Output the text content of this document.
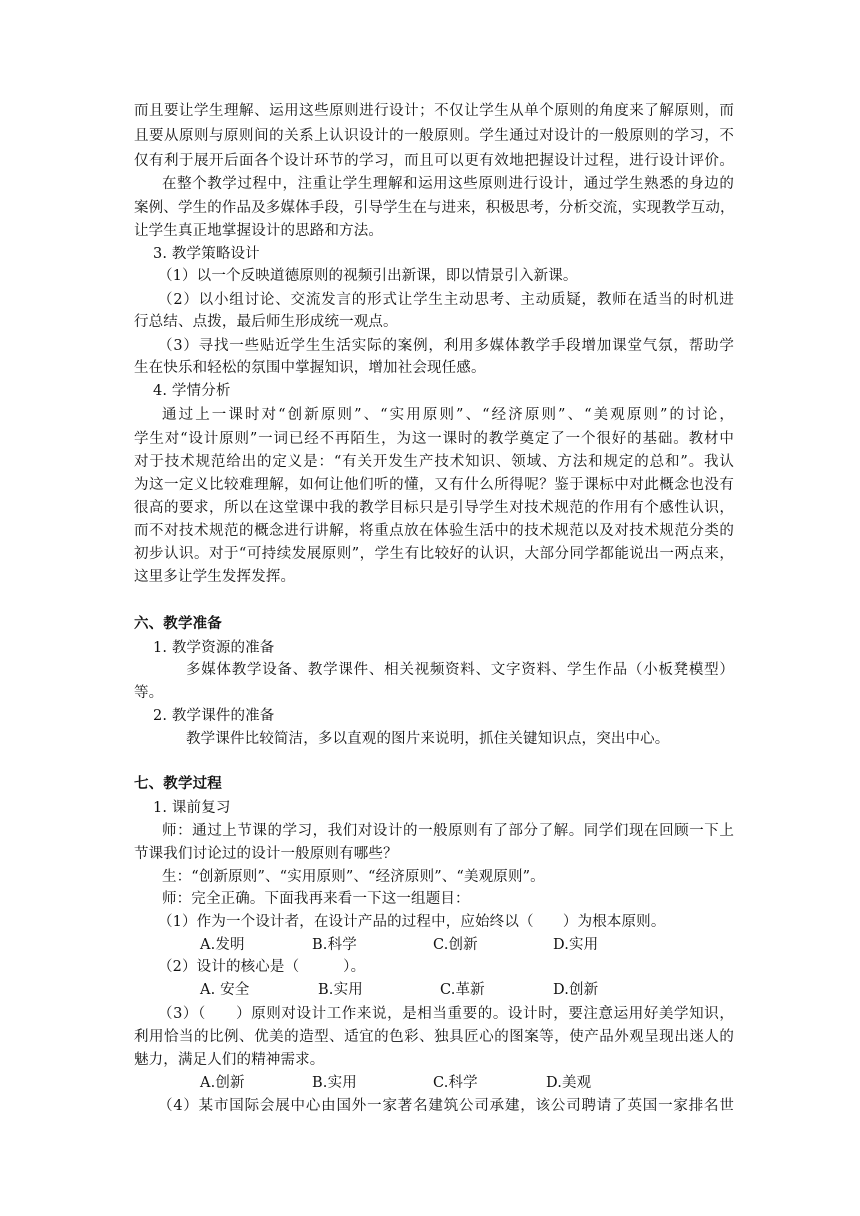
而且要让学生理解、运用这些原则进行设计；不仅让学生从单个原则的角度来了解原则，而
且要从原则与原则间的关系上认识设计的一般原则。学生通过对设计的一般原则的学习，不
仅有利于展开后面各个设计环节的学习，而且可以更有效地把握设计过程，进行设计评价。
在整个教学过程中，注重让学生理解和运用这些原则进行设计，通过学生熟悉的身边的
案例、学生的作品及多媒体手段，引导学生在与进来，积极思考，分析交流，实现教学互动，
让学生真正地掌握设计的思路和方法。
3. 教学策略设计
（1）以一个反映道德原则的视频引出新课，即以情景引入新课。
（2）以小组讨论、交流发言的形式让学生主动思考、主动质疑，教师在适当的时机进
行总结、点拨，最后师生形成统一观点。
（3）寻找一些贴近学生生活实际的案例，利用多媒体教学手段增加课堂气氛，帮助学
生在快乐和轻松的氛围中掌握知识，增加社会现任感。
4. 学情分析
通过上一课时对“创新原则”、“实用原则”、“经济原则”、“美观原则”的讨论，
学生对“设计原则”一词已经不再陌生，为这一课时的教学奠定了一个很好的基础。教材中
对于技术规范给出的定义是：“有关开发生产技术知识、领域、方法和规定的总和”。我认
为这一定义比较难理解，如何让他们听的懂，又有什么所得呢？鉴于课标中对此概念也没有
很高的要求，所以在这堂课中我的教学目标只是引导学生对技术规范的作用有个感性认识，
而不对技术规范的概念进行讲解，将重点放在体验生活中的技术规范以及对技术规范分类的
初步认识。对于“可持续发展原则”，学生有比较好的认识，大部分同学都能说出一两点来，
这里多让学生发挥发挥。
六、教学准备
1. 教学资源的准备
多媒体教学设备、教学课件、相关视频资料、文字资料、学生作品（小板凳模型）
等。
2. 教学课件的准备
教学课件比较简洁，多以直观的图片来说明，抓住关键知识点，突出中心。
七、教学过程
1. 课前复习
师：通过上节课的学习，我们对设计的一般原则有了部分了解。同学们现在回顾一下上
节课我们讨论过的设计一般原则有哪些？
生：“创新原则”、“实用原则”、“经济原则”、“美观原则”。
师：完全正确。下面我再来看一下这一组题目：
（1）作为一个设计者，在设计产品的过程中，应始终以（　　）为根本原则。
A.发明	B.科学	C.创新	D.实用
（2）设计的核心是（　　　）。
A. 安全	B.实用	C.革新	D.创新
（3）（　　）原则对设计工作来说，是相当重要的。设计时，要注意运用好美学知识，
利用恰当的比例、优美的造型、适宜的色彩、独具匠心的图案等，使产品外观呈现出迷人的
魅力，满足人们的精神需求。
A.创新	B.实用	C.科学	D.美观
（4）某市国际会展中心由国外一家著名建筑公司承建，该公司聘请了英国一家排名世
